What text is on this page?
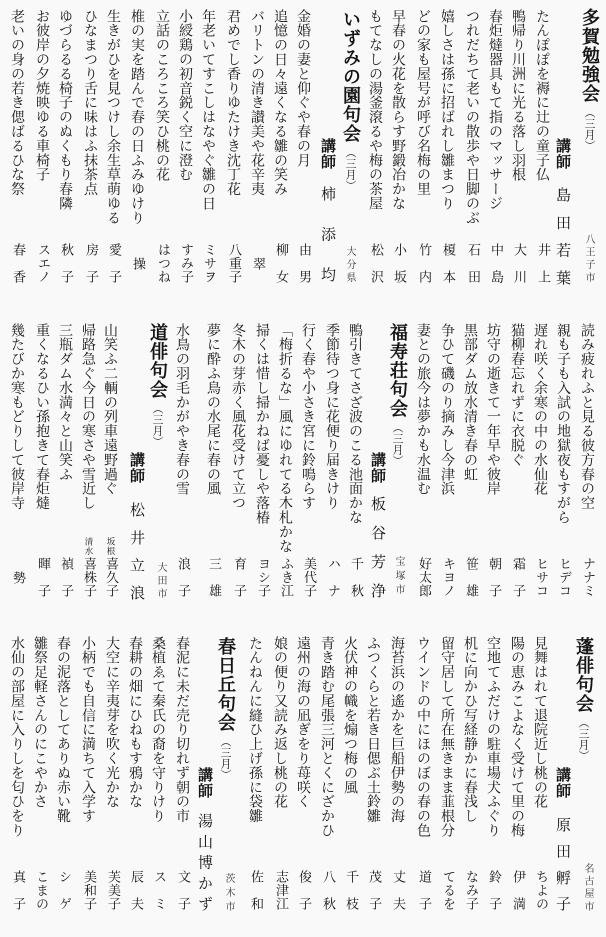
多賀勉強会（三月）
講師
島田若葉 八王子市
たんぽぽを褥に辻の童子仏
井上
鴨帰り川洲に光る落し羽根
大川
春炬燵器具もて指のマッサージ
中島
つれだちて老いの散歩や日脚のぶ
石田
嬉しさは孫に招ばれし雛まつり
榎本
どの家も屋号が呼び名梅の里
竹内
早春の火花を散らす野鍛冶かな
小坂
もてなしの湯釜滾るや梅の茶屋
松沢
いずみの園句会（三月）
講師
柿添均 大分県
金婚の妻と仰ぐや春の月
由男
追憶の日々遠くなる雛の笑み
柳女
バリトンの清き讃美や花辛夷
翠
君めでし香りゆたけき沈丁花
八重子
年老いてすこしはなやぐ雛の日
ミサヲ
小綬鶏の初音鋭く空に澄む
すみ子
立話のころころ笑ひ桃の花
はつね
椎の実を踏んで春の日ふみゆけり
操
生きがひを見つけし余生草萌ゆる
愛子
ひなまつり舌に味はふ抹茶点
房子
ゆづらるる椅子のぬくもり春隣
秋子
お彼岸の夕焼映ゆる車椅子
スエノ
老いの身の若き偲ばるひな祭
春香
読み疲れふと見る彼方春の空
ナナミ
親も子も入試の地獄夜もすがら
ヒデコ
遅れ咲く余寒の中の水仙花
ヒサコ
猫柳春忘れずに衣脱ぐ
霜子
坊守の逝きて一年早や彼岸
朝子
黒部ダム放水清き春の虹
笹雄
争ひて磯のり摘みし今津浜
キヨノ
妻との旅今は夢かも水温む
好太郎
福寿荘句会（三月）
講師
板谷芳浄 宝塚市
鴨引きてさざ波のこる池面かな
千秋
季節待つ身に花便り届きけり
ハナ
行く春や小さき宮に鈴鳴らす
美代子
「梅折るな」風にゆれてる木札かな
ふき江
掃くは惜し掃かねば憂しや落椿
ヨシ子
冬木の芽赤く風花受けて立つ
育子
夢に酔ふ鳥の水尾に春の風
三雄
水鳥の羽毛かがやき春の雪
浪子
道俳句会（三月）
講師
松井立浪 大田市
山笑ふ二輌の列車遠野過ぐ
坂根
喜久子
帰路急ぐ今日の寒さや雪近し
清水
喜株子
三瓶ダム水満々と山笑ふ
禎子
重くなるひい孫抱きて春炬燵
暉子
幾たびか寒もどりして彼岸寺
勢
蓬俳句会（三月）
講師
原田孵子 名古屋市
見舞はれて退院近し桃の花
ちよの
陽の恵みこよなく受けて里の梅
伊満
空地てふだけの駐車場犬ふぐり
鈴子
机に向かひ写経静かに春浅し
なみ子
留守居して所在無きまま韮根分
てるを
ウインドの中にほのぼの春の色
道子
海苔浜の遙かを巨船伊勢の海
丈夫
ふつくらと若き日偲ぶ土鈴雛
茂子
火伏神の幟を煽つ梅の風
千枝
青き踏む尾張三河とくにざかひ
八秋
遠州の海の凪ぎをり苺咲く
俊子
娘の便り又読み返し桃の花
志津江
たんねんに縫ひ上げ孫に袋雛
佐和
春日丘句会（三月）
講師
湯山博かず 茨木市
春泥に未だ売り切れず朝の市
文子
桑植ゑて秦氏の裔を守りけり
スミ
春耕の畑にひねもす鴉かな
辰夫
大空に辛夷芽を吹く光かな
芙美子
小柄でも自信に満ちて入学す
美和子
春の泥落としてありぬ赤い靴
シゲ
雛祭足軽さんのにこやかさ
こまの
水仙の部屋に入りしを匂ひをり
真子
